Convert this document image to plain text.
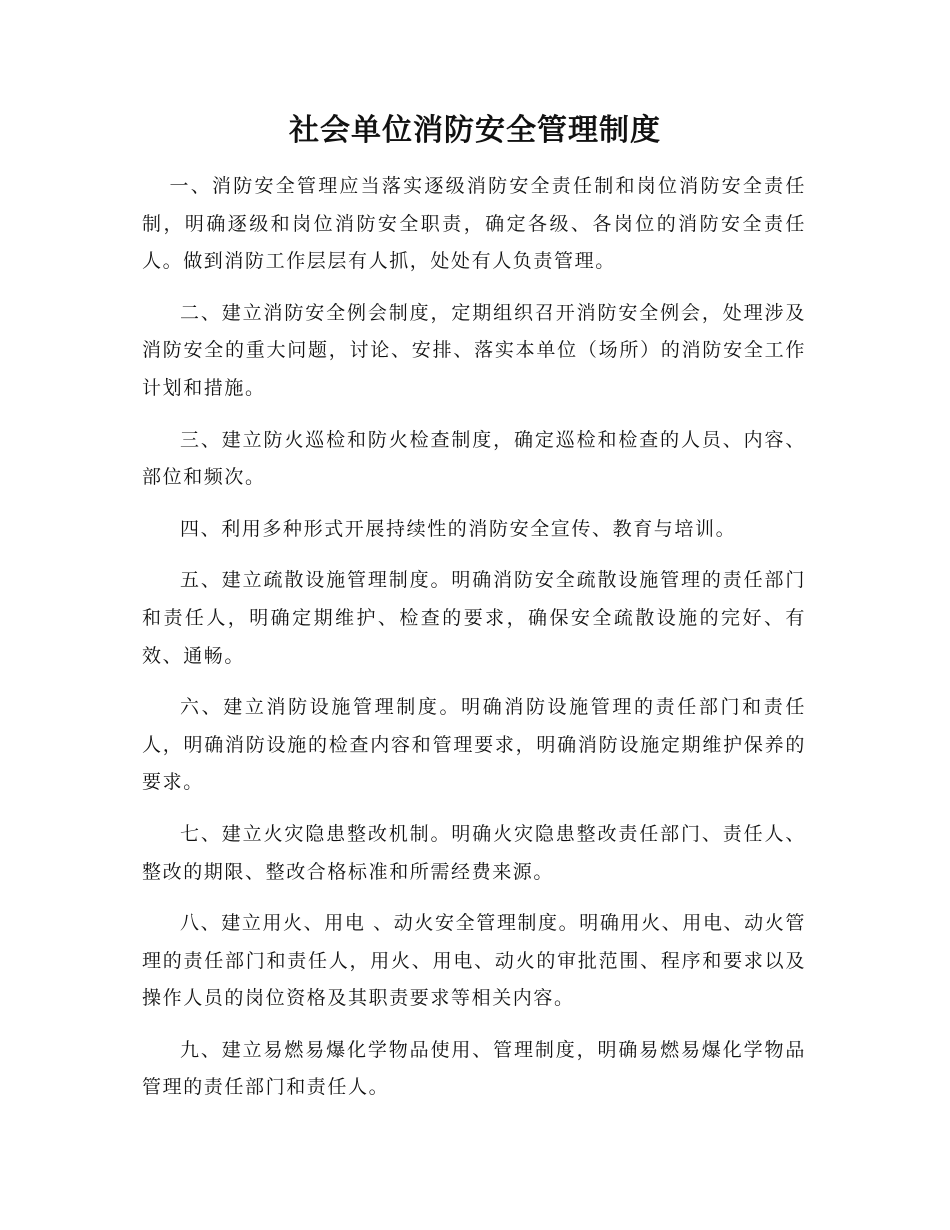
社会单位消防安全管理制度

一、消防安全管理应当落实逐级消防安全责任制和岗位消防安全责任制，明确逐级和岗位消防安全职责，确定各级、各岗位的消防安全责任人。做到消防工作层层有人抓，处处有人负责管理。

二、建立消防安全例会制度，定期组织召开消防安全例会，处理涉及消防安全的重大问题，讨论、安排、落实本单位（场所）的消防安全工作计划和措施。

三、建立防火巡检和防火检查制度，确定巡检和检查的人员、内容、部位和频次。

四、利用多种形式开展持续性的消防安全宣传、教育与培训。

五、建立疏散设施管理制度。明确消防安全疏散设施管理的责任部门和责任人，明确定期维护、检查的要求，确保安全疏散设施的完好、有效、通畅。

六、建立消防设施管理制度。明确消防设施管理的责任部门和责任人，明确消防设施的检查内容和管理要求，明确消防设施定期维护保养的要求。

七、建立火灾隐患整改机制。明确火灾隐患整改责任部门、责任人、整改的期限、整改合格标准和所需经费来源。

八、建立用火、用电 、动火安全管理制度。明确用火、用电、动火管理的责任部门和责任人，用火、用电、动火的审批范围、程序和要求以及操作人员的岗位资格及其职责要求等相关内容。

九、建立易燃易爆化学物品使用、管理制度，明确易燃易爆化学物品管理的责任部门和责任人。
